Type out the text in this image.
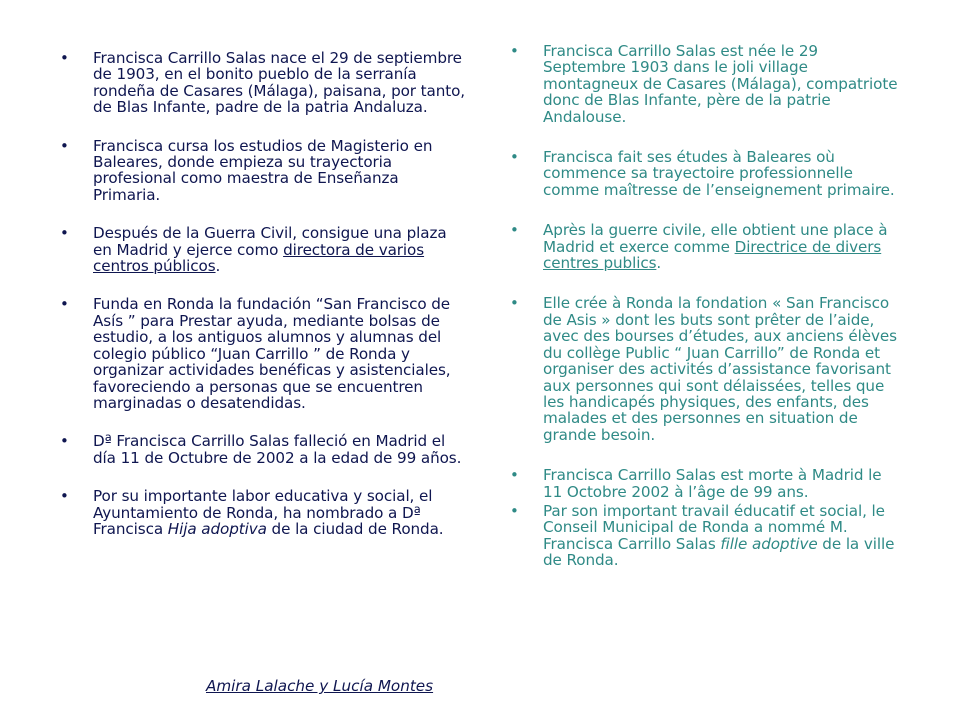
• Francisca Carrillo Salas nace el 29 de septiembre de 1903, en el bonito pueblo de la serranía rondeña de Casares (Málaga), paisana, por tanto, de Blas Infante, padre de la patria Andaluza.
• Francisca cursa los estudios de Magisterio en Baleares, donde empieza su trayectoria profesional como maestra de Enseñanza Primaria.
• Después de la Guerra Civil, consigue una plaza en Madrid y ejerce como directora de varios centros públicos.
• Funda en Ronda la fundación “San Francisco de Asís ” para Prestar ayuda, mediante bolsas de estudio, a los antiguos alumnos y alumnas del colegio público “Juan Carrillo ” de Ronda y organizar actividades benéficas y asistenciales, favoreciendo a personas que se encuentren marginadas o desatendidas.
• Dª Francisca Carrillo Salas falleció en Madrid el día 11 de Octubre de 2002 a la edad de 99 años.
• Por su importante labor educativa y social, el Ayuntamiento de Ronda, ha nombrado a Dª Francisca Hija adoptiva de la ciudad de Ronda.
Amira Lalache y Lucía Montes
• Francisca Carrillo Salas est née le 29 Septembre 1903 dans le joli village montagneux de Casares (Málaga), compatriote donc de Blas Infante, père de la patrie Andalouse.
• Francisca fait ses études à Baleares où commence sa trayectoire professionnelle comme maîtresse de l’enseignement primaire.
• Après la guerre civile, elle obtient une place à Madrid et exerce comme Directrice de divers centres publics.
• Elle crée à Ronda la fondation « San Francisco de Asis » dont les buts sont prêter de l’aide, avec des bourses d’études, aux anciens élèves du collège Public “ Juan Carrillo” de Ronda et organiser des activités d’assistance favorisant aux personnes qui sont délaissées, telles que les handicapés physiques, des enfants, des malades et des personnes en situation de grande besoin.
• Francisca Carrillo Salas est morte à Madrid le 11 Octobre 2002 à l’âge de 99 ans.
• Par son important travail éducatif et social, le Conseil Municipal de Ronda a nommé M. Francisca Carrillo Salas fille adoptive de la ville de Ronda.
